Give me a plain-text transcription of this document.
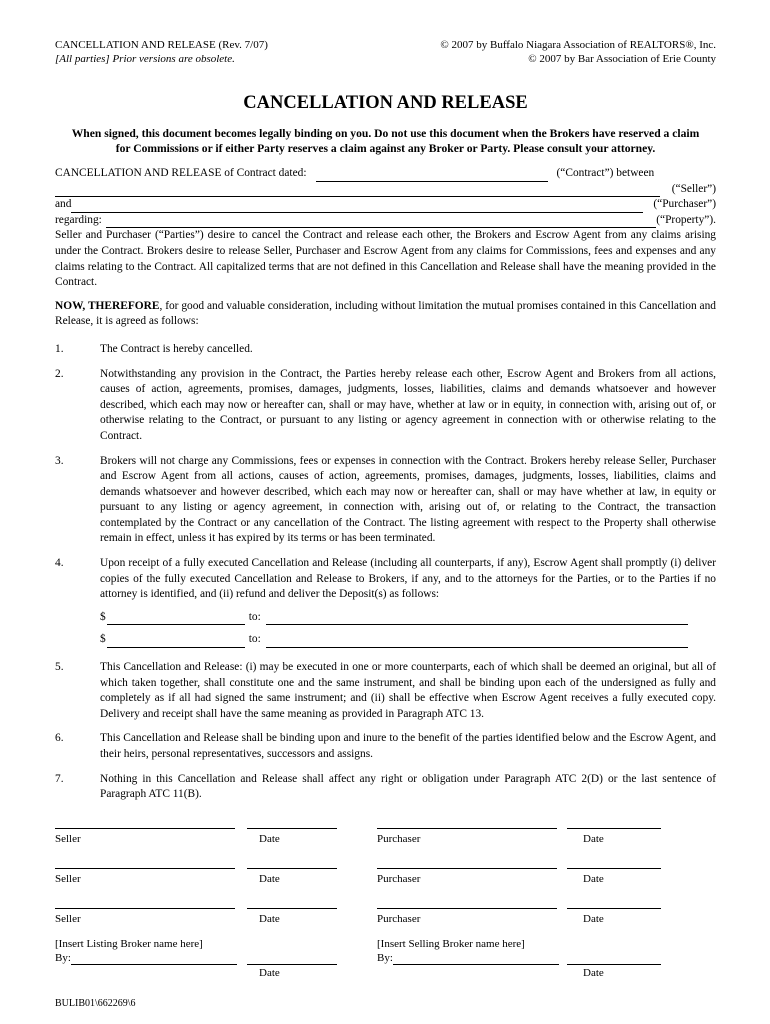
CANCELLATION AND RELEASE (Rev. 7/07)
[All parties] Prior versions are obsolete.
© 2007 by Buffalo Niagara Association of REALTORS®, Inc.
© 2007 by Bar Association of Erie County
CANCELLATION AND RELEASE
When signed, this document becomes legally binding on you. Do not use this document when the Brokers have reserved a claim for Commissions or if either Party reserves a claim against any Broker or Party. Please consult your attorney.
CANCELLATION AND RELEASE of Contract dated:	(“Contract”) between
(“Seller”)
and	(“Purchaser”)
regarding:	(“Property”).

Seller and Purchaser (“Parties”) desire to cancel the Contract and release each other, the Brokers and Escrow Agent from any claims arising under the Contract. Brokers desire to release Seller, Purchaser and Escrow Agent from any claims for Commissions, fees and expenses and any claims relating to the Contract. All capitalized terms that are not defined in this Cancellation and Release shall have the meaning provided in the Contract.

NOW, THEREFORE, for good and valuable consideration, including without limitation the mutual promises contained in this Cancellation and Release, it is agreed as follows:

1.	The Contract is hereby cancelled.
2.	Notwithstanding any provision in the Contract, the Parties hereby release each other, Escrow Agent and Brokers from all actions, causes of action, agreements, promises, damages, judgments, losses, liabilities, claims and demands whatsoever and however described, which each may now or hereafter can, shall or may have, whether at law or in equity, in connection with, arising out of, or otherwise relating to the Contract, or pursuant to any listing or agency agreement in connection with or otherwise relating to the Contract.
3.	Brokers will not charge any Commissions, fees or expenses in connection with the Contract. Brokers hereby release Seller, Purchaser and Escrow Agent from all actions, causes of action, agreements, promises, damages, judgments, losses, liabilities, claims and demands whatsoever and however described, which each may now or hereafter can, shall or may have whether at law, in equity or pursuant to any listing or agency agreement, in connection with, arising out of, or relating to the Contract, the transaction contemplated by the Contract or any cancellation of the Contract. The listing agreement with respect to the Property shall otherwise remain in effect, unless it has expired by its terms or has been terminated.
4.	Upon receipt of a fully executed Cancellation and Release (including all counterparts, if any), Escrow Agent shall promptly (i) deliver copies of the fully executed Cancellation and Release to Brokers, if any, and to the attorneys for the Parties, or to the Parties if no attorney is identified, and (ii) refund and deliver the Deposit(s) as follows:
$	to:
$	to:
5.	This Cancellation and Release: (i) may be executed in one or more counterparts, each of which shall be deemed an original, but all of which taken together, shall constitute one and the same instrument, and shall be binding upon each of the undersigned as fully and completely as if all had signed the same instrument; and (ii) shall be effective when Escrow Agent receives a fully executed copy. Delivery and receipt shall have the same meaning as provided in Paragraph ATC 13.
6.	This Cancellation and Release shall be binding upon and inure to the benefit of the parties identified below and the Escrow Agent, and their heirs, personal representatives, successors and assigns.
7.	Nothing in this Cancellation and Release shall affect any right or obligation under Paragraph ATC 2(D) or the last sentence of Paragraph ATC 11(B).
Seller	Date	Purchaser	Date
Seller	Date	Purchaser	Date
Seller	Date	Purchaser	Date
[Insert Listing Broker name here]
By:
Date
[Insert Selling Broker name here]
By:
Date
BULIB01\662269\6
